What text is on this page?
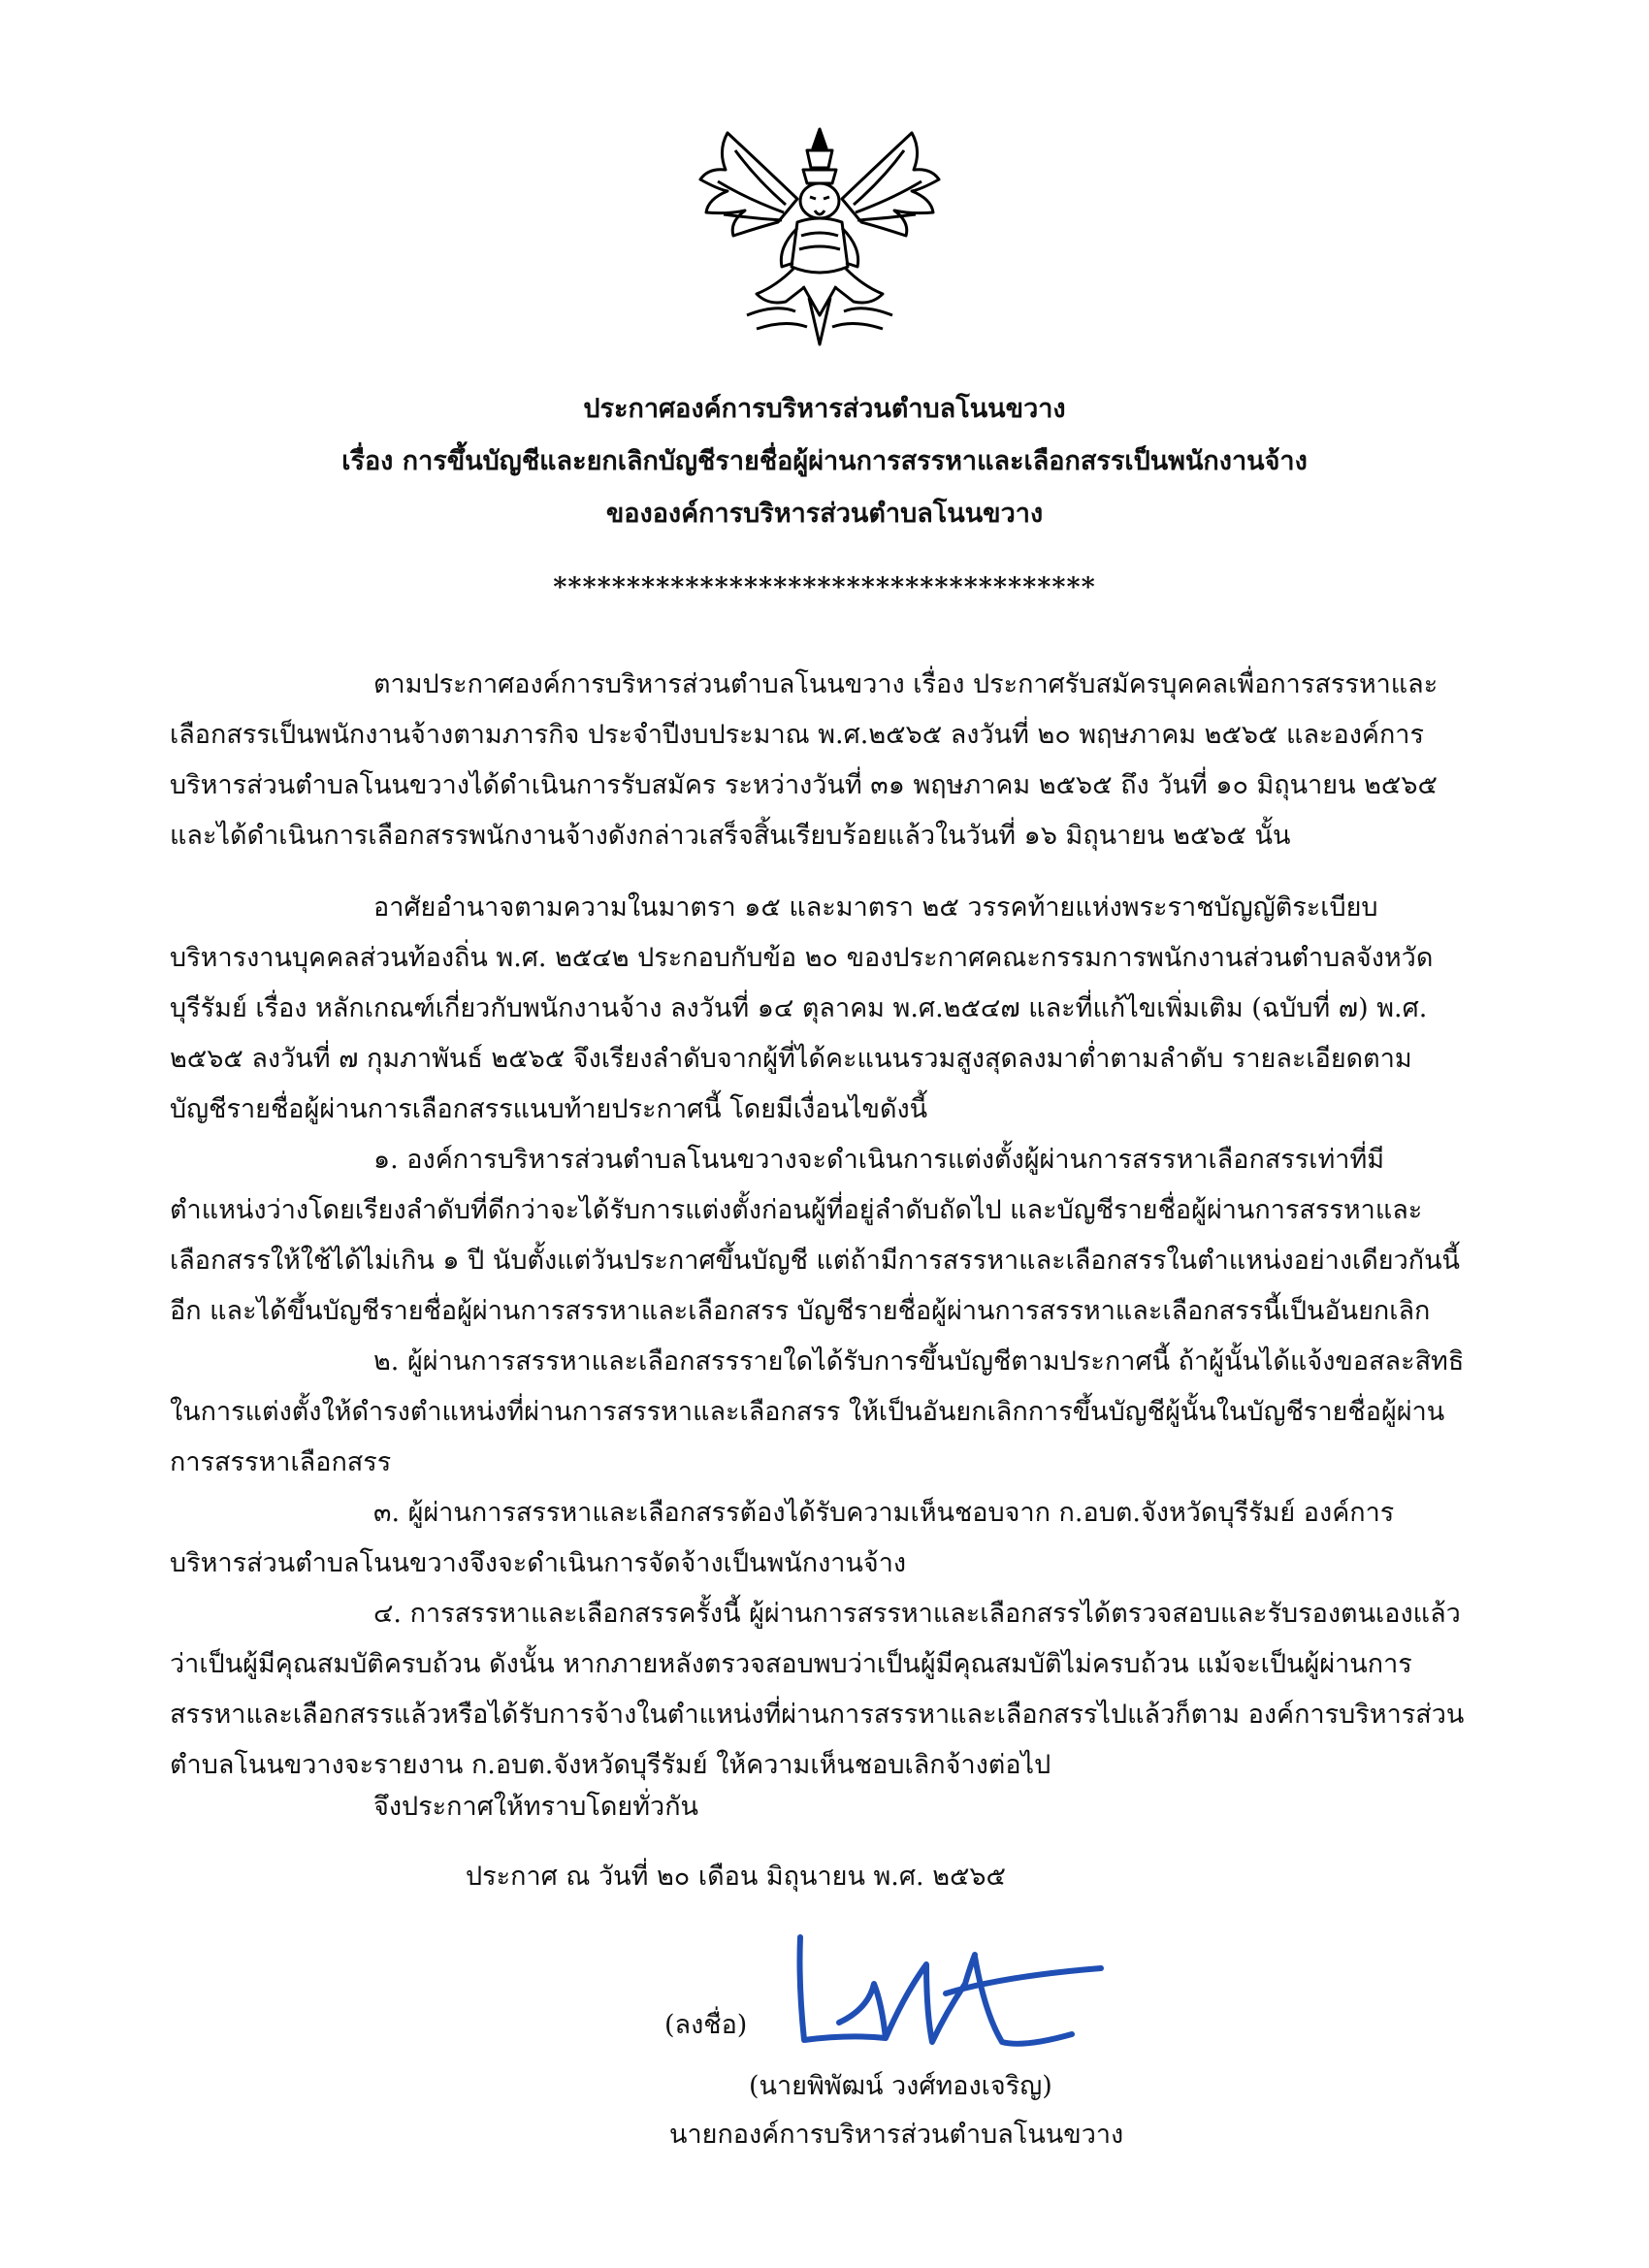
ประกาศองค์การบริหารส่วนตำบลโนนขวาง
เรื่อง การขึ้นบัญชีและยกเลิกบัญชีรายชื่อผู้ผ่านการสรรหาและเลือกสรรเป็นพนักงานจ้าง
ขององค์การบริหารส่วนตำบลโนนขวาง
*************************************

ตามประกาศองค์การบริหารส่วนตำบลโนนขวาง เรื่อง ประกาศรับสมัครบุคคลเพื่อการสรรหาและ
เลือกสรรเป็นพนักงานจ้างตามภารกิจ ประจำปีงบประมาณ พ.ศ.๒๕๖๕ ลงวันที่ ๒๐ พฤษภาคม ๒๕๖๕ และองค์การ
บริหารส่วนตำบลโนนขวางได้ดำเนินการรับสมัคร ระหว่างวันที่ ๓๑ พฤษภาคม ๒๕๖๕ ถึง วันที่ ๑๐ มิถุนายน ๒๕๖๕
และได้ดำเนินการเลือกสรรพนักงานจ้างดังกล่าวเสร็จสิ้นเรียบร้อยแล้วในวันที่ ๑๖ มิถุนายน ๒๕๖๕ นั้น

อาศัยอำนาจตามความในมาตรา ๑๕ และมาตรา ๒๕ วรรคท้ายแห่งพระราชบัญญัติระเบียบ
บริหารงานบุคคลส่วนท้องถิ่น พ.ศ. ๒๕๔๒ ประกอบกับข้อ ๒๐ ของประกาศคณะกรรมการพนักงานส่วนตำบลจังหวัด
บุรีรัมย์ เรื่อง หลักเกณฑ์เกี่ยวกับพนักงานจ้าง ลงวันที่ ๑๔ ตุลาคม พ.ศ.๒๕๔๗ และที่แก้ไขเพิ่มเติม (ฉบับที่ ๗) พ.ศ.
๒๕๖๕ ลงวันที่ ๗ กุมภาพันธ์ ๒๕๖๕ จึงเรียงลำดับจากผู้ที่ได้คะแนนรวมสูงสุดลงมาต่ำตามลำดับ รายละเอียดตาม
บัญชีรายชื่อผู้ผ่านการเลือกสรรแนบท้ายประกาศนี้ โดยมีเงื่อนไขดังนี้

๑. องค์การบริหารส่วนตำบลโนนขวางจะดำเนินการแต่งตั้งผู้ผ่านการสรรหาเลือกสรรเท่าที่มี
ตำแหน่งว่างโดยเรียงลำดับที่ดีกว่าจะได้รับการแต่งตั้งก่อนผู้ที่อยู่ลำดับถัดไป และบัญชีรายชื่อผู้ผ่านการสรรหาและ
เลือกสรรให้ใช้ได้ไม่เกิน ๑ ปี นับตั้งแต่วันประกาศขึ้นบัญชี แต่ถ้ามีการสรรหาและเลือกสรรในตำแหน่งอย่างเดียวกันนี้
อีก และได้ขึ้นบัญชีรายชื่อผู้ผ่านการสรรหาและเลือกสรร บัญชีรายชื่อผู้ผ่านการสรรหาและเลือกสรรนี้เป็นอันยกเลิก

๒. ผู้ผ่านการสรรหาและเลือกสรรรายใดได้รับการขึ้นบัญชีตามประกาศนี้ ถ้าผู้นั้นได้แจ้งขอสละสิทธิ
ในการแต่งตั้งให้ดำรงตำแหน่งที่ผ่านการสรรหาและเลือกสรร ให้เป็นอันยกเลิกการขึ้นบัญชีผู้นั้นในบัญชีรายชื่อผู้ผ่าน
การสรรหาเลือกสรร

๓. ผู้ผ่านการสรรหาและเลือกสรรต้องได้รับความเห็นชอบจาก ก.อบต.จังหวัดบุรีรัมย์ องค์การ
บริหารส่วนตำบลโนนขวางจึงจะดำเนินการจัดจ้างเป็นพนักงานจ้าง

๔. การสรรหาและเลือกสรรครั้งนี้ ผู้ผ่านการสรรหาและเลือกสรรได้ตรวจสอบและรับรองตนเองแล้ว
ว่าเป็นผู้มีคุณสมบัติครบถ้วน ดังนั้น หากภายหลังตรวจสอบพบว่าเป็นผู้มีคุณสมบัติไม่ครบถ้วน แม้จะเป็นผู้ผ่านการ
สรรหาและเลือกสรรแล้วหรือได้รับการจ้างในตำแหน่งที่ผ่านการสรรหาและเลือกสรรไปแล้วก็ตาม องค์การบริหารส่วน
ตำบลโนนขวางจะรายงาน ก.อบต.จังหวัดบุรีรัมย์ ให้ความเห็นชอบเลิกจ้างต่อไป

จึงประกาศให้ทราบโดยทั่วกัน
ประกาศ ณ วันที่ ๒๐ เดือน มิถุนายน พ.ศ. ๒๕๖๕
(ลงชื่อ)
(นายพิพัฒน์ วงศ์ทองเจริญ)
นายกองค์การบริหารส่วนตำบลโนนขวาง
